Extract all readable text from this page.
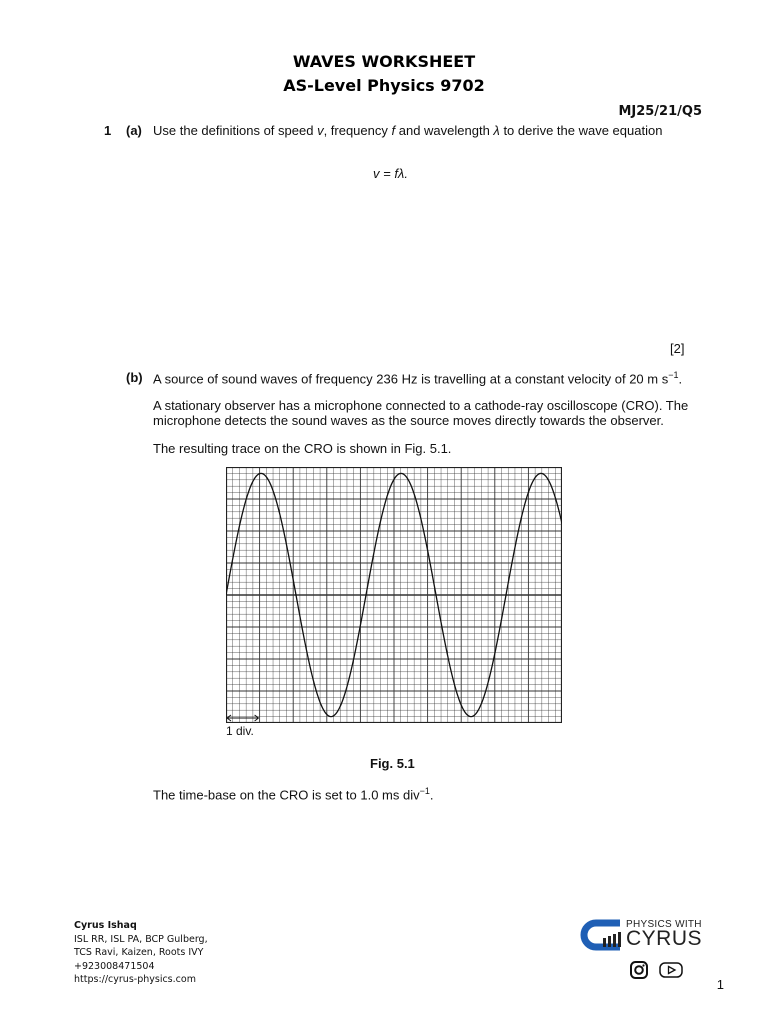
WAVES WORKSHEET
AS-Level Physics 9702
MJ25/21/Q5
1 (a) Use the definitions of speed v, frequency f and wavelength λ to derive the wave equation
v = fλ.
[2]
(b) A source of sound waves of frequency 236 Hz is travelling at a constant velocity of 20 m $s^{-1}$.
A stationary observer has a microphone connected to a cathode-ray oscilloscope (CRO). The
microphone detects the sound waves as the source moves directly towards the observer.
The resulting trace on the CRO is shown in Fig. 5.1.
1 div.
Fig. 5.1
The time-base on the CRO is set to 1.0 ms div$^{-1}$.
Cyrus Ishaq
ISL RR, ISL PA, BCP Gulberg,
TCS Ravi, Kaizen, Roots IVY
+923008471504
https://cyrus-physics.com
PHYSICS WITH
CYRUS
1
